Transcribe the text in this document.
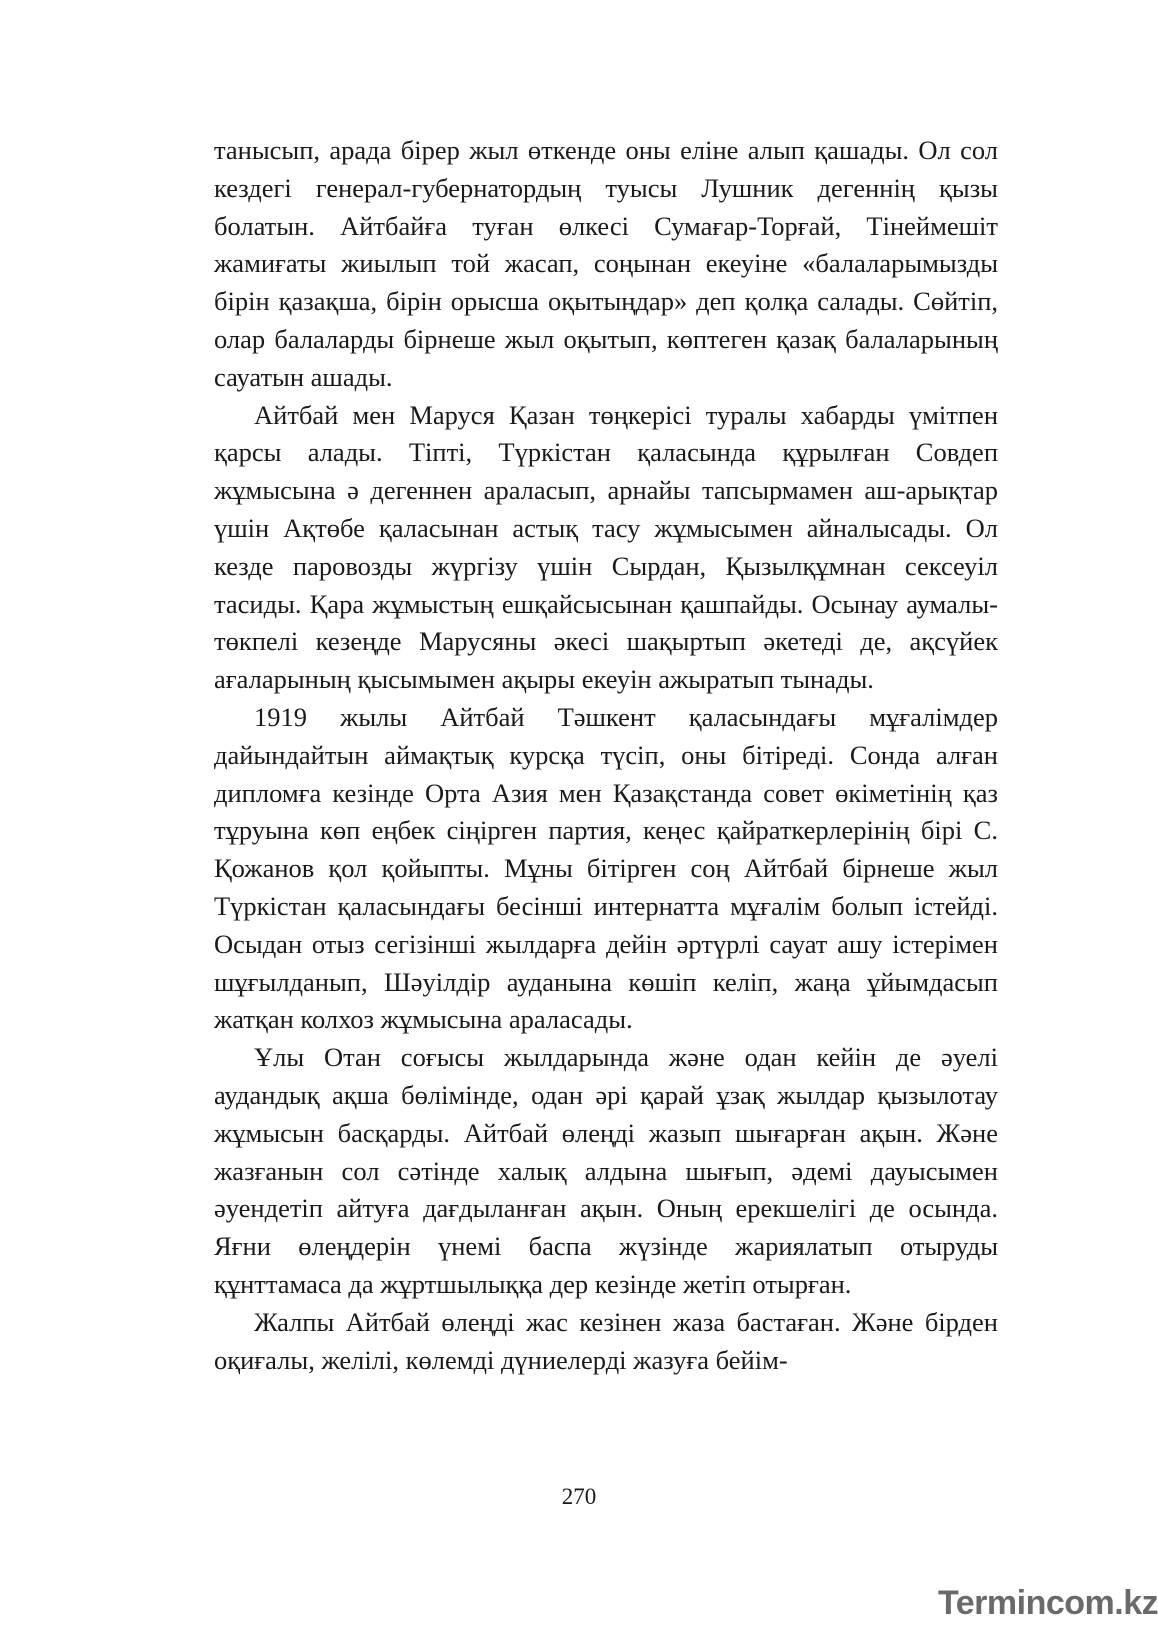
танысып, арада бірер жыл өткенде оны еліне алып қашады. Ол сол кездегі генерал-губернатордың туысы Лушник дегеннің қызы болатын. Айтбайға туған өлкесі Сумағар-Торғай, Тінеймешіт жамиғаты жиылып той жасап, соңынан екеуіне «балаларымызды бірін қазақша, бірін орысша оқытыңдар» деп қолқа салады. Сөйтіп, олар балаларды бірнеше жыл оқытып, көптеген қазақ балаларының сауатын ашады.

Айтбай мен Маруся Қазан төңкерісі туралы хабарды үмітпен қарсы алады. Тіпті, Түркістан қаласында құрылған Совдеп жұмысына ә дегеннен араласып, арнайы тапсырмамен аш-арықтар үшін Ақтөбе қаласынан астық тасу жұмысымен айналысады. Ол кезде паровозды жүргізу үшін Сырдан, Қызылқұмнан сексеуіл тасиды. Қара жұмыстың ешқайсысынан қашпайды. Осынау аумалы-төкпелі кезеңде Марусяны әкесі шақыртып әкетеді де, ақсүйек ағаларының қысымымен ақыры екеуін ажыратып тынады.

1919 жылы Айтбай Тәшкент қаласындағы мұғалімдер дайындайтын аймақтық курсқа түсіп, оны бітіреді. Сонда алған дипломға кезінде Орта Азия мен Қазақстанда совет өкіметінің қаз тұруына көп еңбек сіңірген партия, кеңес қайраткерлерінің бірі С. Қожанов қол қойыпты. Мұны бітірген соң Айтбай бірнеше жыл Түркістан қаласындағы бесінші интернатта мұғалім болып істейді. Осыдан отыз сегізінші жылдарға дейін әртүрлі сауат ашу істерімен шұғылданып, Шәуілдір ауданына көшіп келіп, жаңа ұйымдасып жатқан колхоз жұмысына араласады.

Ұлы Отан соғысы жылдарында және одан кейін де әуелі аудандық ақша бөлімінде, одан әрі қарай ұзақ жылдар қызылотау жұмысын басқарды. Айтбай өлеңді жазып шығарған ақын. Және жазғанын сол сәтінде халық алдына шығып, әдемі дауысымен әуендетіп айтуға дағдыланған ақын. Оның ерекшелігі де осында. Яғни өлеңдерін үнемі баспа жүзінде жариялатып отыруды құнттамаса да жұртшылыққа дер кезінде жетіп отырған.

Жалпы Айтбай өлеңді жас кезінен жаза бастаған. Және бірден оқиғалы, желілі, көлемді дүниелерді жазуға бейім-

270
Termincom.kz
